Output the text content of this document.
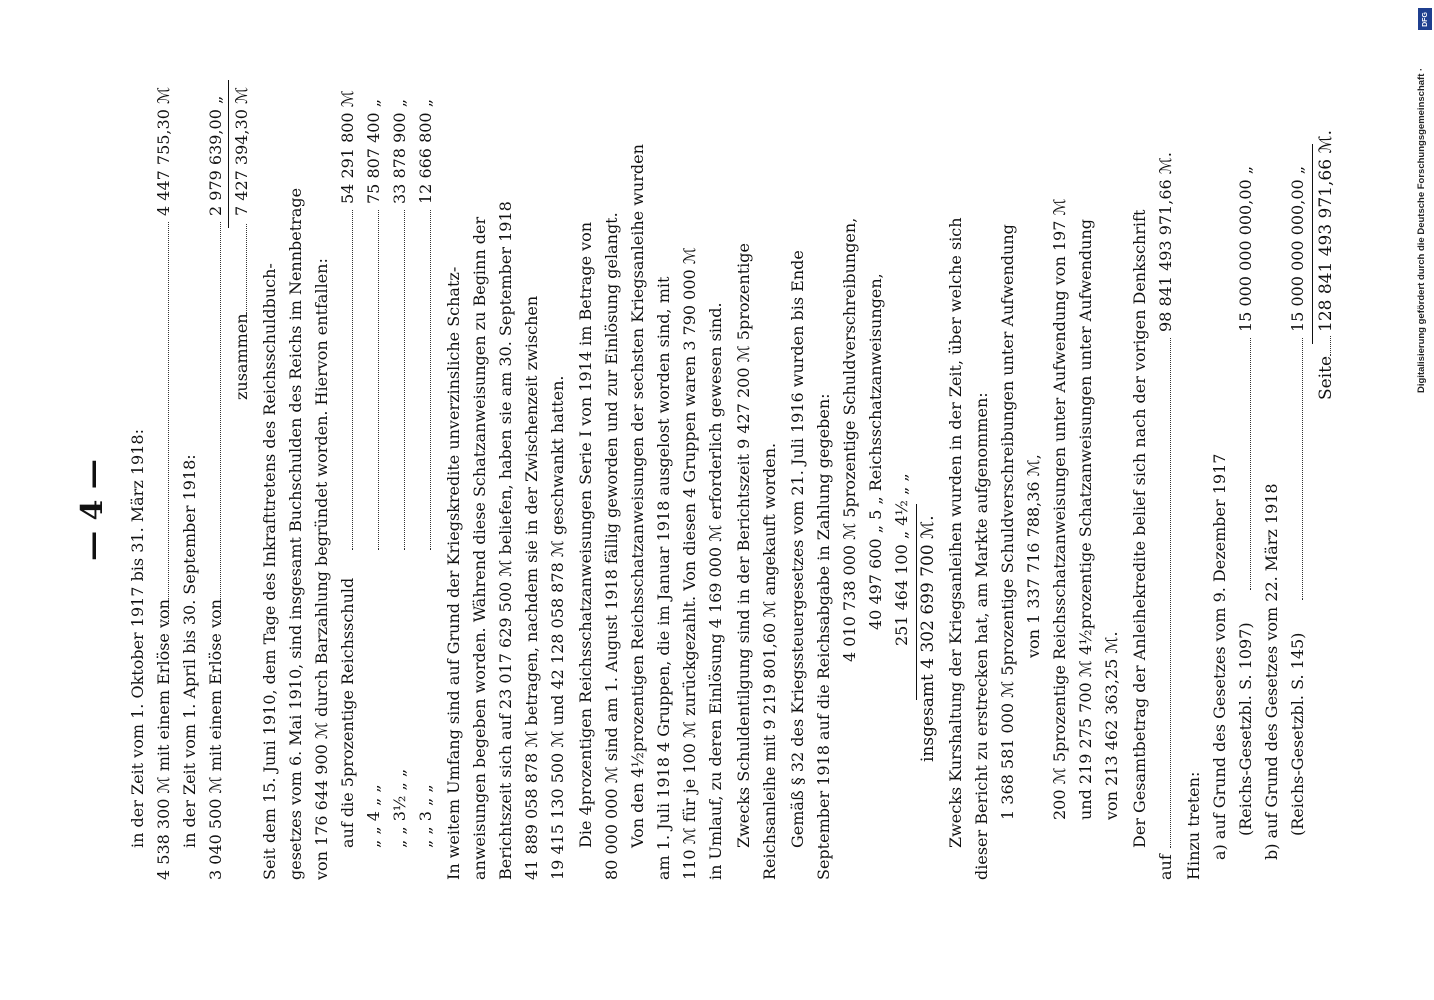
— 4 — in der Zeit vom 1. Oktober 1917 bis 31. März 1918: 4 538 300 ℳ mit einem Erlöse von
4 447 755,30 ℳ
in der Zeit vom 1. April bis 30. September 1918: 3 040 500 ℳ mit einem Erlöse von
2 979 639,00 „
zusammen
7 427 394,30 ℳ
Seit dem 15. Juni 1910, dem Tage des Inkrafttretens des Reichsschuldbuch- gesetzes vom 6. Mai 1910, sind insgesamt Buchschulden des Reichs im Nennbetrage von 176 644 900 ℳ durch Barzahlung begründet worden. Hiervon entfallen: auf die 5prozentige Reichsschuld
54 291 800 ℳ
„ „ 4 „ „
75 807 400 „
„ „ 3½ „ „
33 878 900 „
„ „ 3 „ „
12 666 800 „
In weitem Umfang sind auf Grund der Kriegskredite unverzinsliche Schatz- anweisungen begeben worden. Während diese Schatzanweisungen zu Beginn der Berichtszeit sich auf 23 017 629 500 ℳ beliefen, haben sie am 30. September 1918 41 889 058 878 ℳ betragen, nachdem sie in der Zwischenzeit zwischen 19 415 130 500 ℳ und 42 128 058 878 ℳ geschwankt hatten. Die 4prozentigen Reichsschatzanweisungen Serie I von 1914 im Betrage von 80 000 000 ℳ sind am 1. August 1918 fällig geworden und zur Einlösung gelangt. Von den 4½prozentigen Reichsschatzanweisungen der sechsten Kriegsanleihe wurden am 1. Juli 1918 4 Gruppen, die im Januar 1918 ausgelost worden sind, mit 110 ℳ für je 100 ℳ zurückgezahlt. Von diesen 4 Gruppen waren 3 790 000 ℳ in Umlauf, zu deren Einlösung 4 169 000 ℳ erforderlich gewesen sind. Zwecks Schuldentilgung sind in der Berichtszeit 9 427 200 ℳ 5prozentige Reichsanleihe mit 9 219 801,60 ℳ angekauft worden. Gemäß § 32 des Kriegssteuergesetzes vom 21. Juli 1916 wurden bis Ende September 1918 auf die Reichsabgabe in Zahlung gegeben: 4 010 738 000 ℳ 5prozentige Schuldverschreibungen, 40 497 600 „ 5 „ Reichsschatzanweisungen, 251 464 100 „ 4½ „ „ insgesamt 4 302 699 700 ℳ. Zwecks Kurshaltung der Kriegsanleihen wurden in der Zeit, über welche sich dieser Bericht zu erstrecken hat, am Markte aufgenommen: 1 368 581 000 ℳ 5prozentige Schuldverschreibungen unter Aufwendung von 1 337 716 788,36 ℳ, 200 ℳ 5prozentige Reichsschatzanweisungen unter Aufwendung von 197 ℳ und 219 275 700 ℳ 4½prozentige Schatzanweisungen unter Aufwendung von 213 462 363,25 ℳ. Der Gesamtbetrag der Anleihekredite belief sich nach der vorigen Denkschrift
auf
98 841 493 971,66 ℳ.
Hinzu treten: a) auf Grund des Gesetzes vom 9. Dezember 1917 (Reichs-Gesetzbl. S. 1097)
15 000 000 000,00 „
b) auf Grund des Gesetzes vom 22. März 1918 (Reichs-Gesetzbl. S. 145)
15 000 000 000,00 „
Seite
128 841 493 971,66 ℳ.
DFG
Digitalisierung gefördert durch die Deutsche Forschungsgemeinschaft ·
